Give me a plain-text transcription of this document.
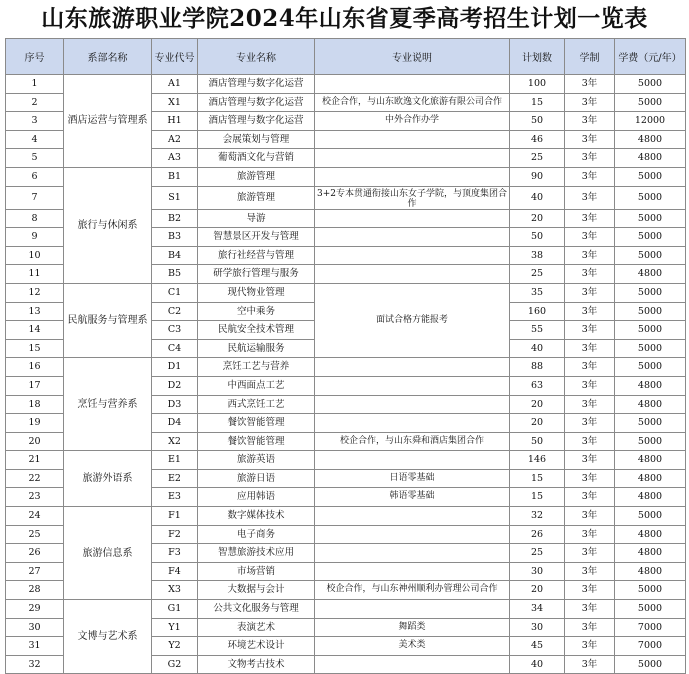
山东旅游职业学院2024年山东省夏季高考招生计划一览表
序号	系部名称	专业代号	专业名称	专业说明	计划数	学制	学费（元/年）
1	酒店运营与管理系	A1	酒店管理与数字化运营		100	3年	5000
2		X1	酒店管理与数字化运营	校企合作，与山东欧逸文化旅游有限公司合作	15	3年	5000
3		H1	酒店管理与数字化运营	中外合作办学	50	3年	12000
4		A2	会展策划与管理		46	3年	4800
5		A3	葡萄酒文化与营销		25	3年	4800
6	旅行与休闲系	B1	旅游管理		90	3年	5000
7		S1	旅游管理	3+2专本贯通衔接山东女子学院，与顶度集团合作	40	3年	5000
8		B2	导游		20	3年	5000
9		B3	智慧景区开发与管理		50	3年	5000
10		B4	旅行社经营与管理		38	3年	5000
11		B5	研学旅行管理与服务		25	3年	4800
12	民航服务与管理系	C1	现代物业管理	面试合格方能报考	35	3年	5000
13		C2	空中乘务		160	3年	5000
14		C3	民航安全技术管理		55	3年	5000
15		C4	民航运输服务		40	3年	5000
16	烹饪与营养系	D1	烹饪工艺与营养		88	3年	5000
17		D2	中西面点工艺		63	3年	4800
18		D3	西式烹饪工艺		20	3年	4800
19		D4	餐饮智能管理		20	3年	5000
20		X2	餐饮智能管理	校企合作，与山东舜和酒店集团合作	50	3年	5000
21	旅游外语系	E1	旅游英语		146	3年	4800
22		E2	旅游日语	日语零基础	15	3年	4800
23		E3	应用韩语	韩语零基础	15	3年	4800
24	旅游信息系	F1	数字媒体技术		32	3年	5000
25		F2	电子商务		26	3年	4800
26		F3	智慧旅游技术应用		25	3年	4800
27		F4	市场营销		30	3年	4800
28		X3	大数据与会计	校企合作，与山东神州顺利办管理公司合作	20	3年	5000
29	文博与艺术系	G1	公共文化服务与管理		34	3年	5000
30		Y1	表演艺术	舞蹈类	30	3年	7000
31		Y2	环境艺术设计	美术类	45	3年	7000
32		G2	文物考古技术		40	3年	5000
